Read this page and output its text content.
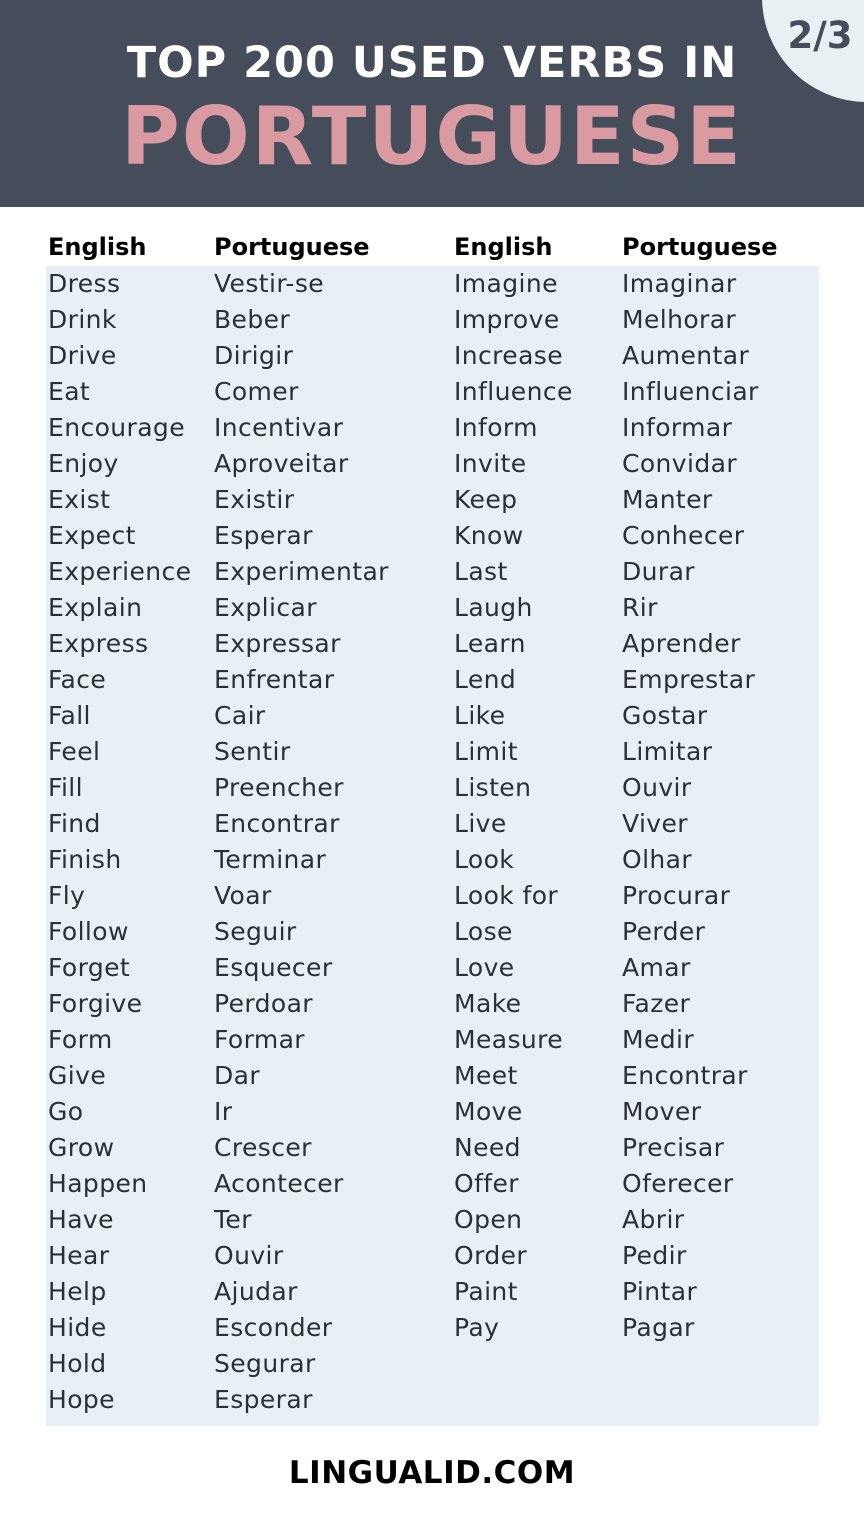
2/3
TOP 200 USED VERBS IN
PORTUGUESE
English
Dress
Drink
Drive
Eat
Encourage
Enjoy
Exist
Expect
Experience
Explain
Express
Face
Fall
Feel
Fill
Find
Finish
Fly
Follow
Forget
Forgive
Form
Give
Go
Grow
Happen
Have
Hear
Help
Hide
Hold
Hope
Portuguese
Vestir-se
Beber
Dirigir
Comer
Incentivar
Aproveitar
Existir
Esperar
Experimentar
Explicar
Expressar
Enfrentar
Cair
Sentir
Preencher
Encontrar
Terminar
Voar
Seguir
Esquecer
Perdoar
Formar
Dar
Ir
Crescer
Acontecer
Ter
Ouvir
Ajudar
Esconder
Segurar
Esperar
English
Imagine
Improve
Increase
Influence
Inform
Invite
Keep
Know
Last
Laugh
Learn
Lend
Like
Limit
Listen
Live
Look
Look for
Lose
Love
Make
Measure
Meet
Move
Need
Offer
Open
Order
Paint
Pay
Portuguese
Imaginar
Melhorar
Aumentar
Influenciar
Informar
Convidar
Manter
Conhecer
Durar
Rir
Aprender
Emprestar
Gostar
Limitar
Ouvir
Viver
Olhar
Procurar
Perder
Amar
Fazer
Medir
Encontrar
Mover
Precisar
Oferecer
Abrir
Pedir
Pintar
Pagar
LINGUALID.COM
